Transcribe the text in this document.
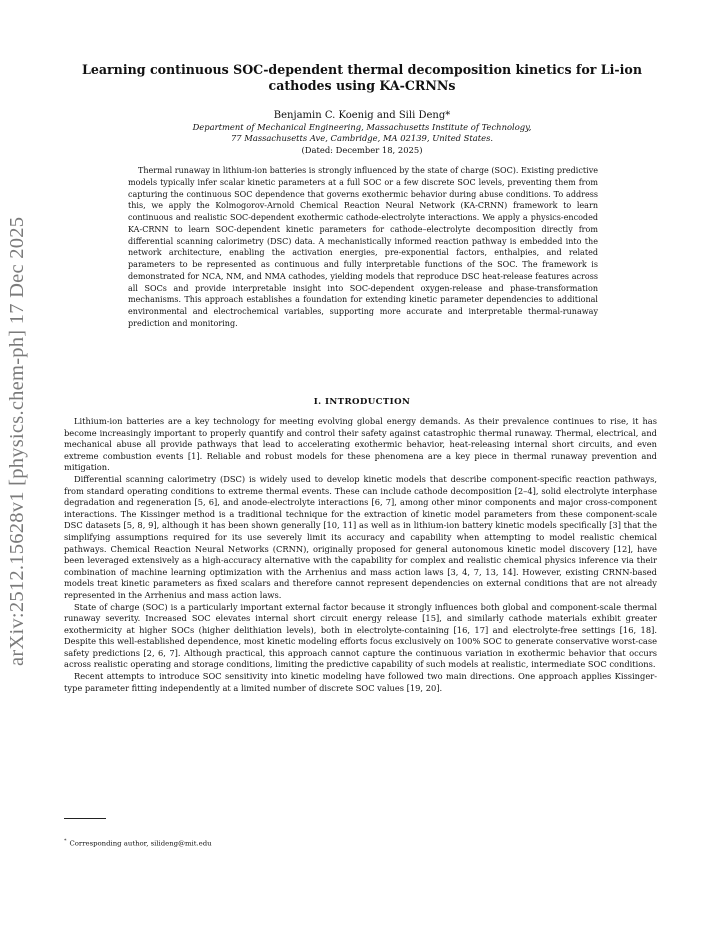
arXiv:2512.15628v1 [physics.chem-ph] 17 Dec 2025
Learning continuous SOC-dependent thermal decomposition kinetics for Li-ion
cathodes using KA-CRNNs
Benjamin C. Koenig and Sili Deng*
Department of Mechanical Engineering, Massachusetts Institute of Technology,
77 Massachusetts Ave, Cambridge, MA 02139, United States.
(Dated: December 18, 2025)
Thermal runaway in lithium-ion batteries is strongly influenced by the state of charge (SOC). Existing predictive models typically infer scalar kinetic parameters at a full SOC or a few discrete SOC levels, preventing them from capturing the continuous SOC dependence that governs exothermic behavior during abuse conditions. To address this, we apply the Kolmogorov-Arnold Chemical Reaction Neural Network (KA-CRNN) framework to learn continuous and realistic SOC-dependent exothermic cathode-electrolyte interactions. We apply a physics-encoded KA-CRNN to learn SOC-dependent kinetic parameters for cathode–electrolyte decomposition directly from differential scanning calorimetry (DSC) data. A mechanistically informed reaction pathway is embedded into the network architecture, enabling the activation energies, pre-exponential factors, enthalpies, and related parameters to be represented as continuous and fully interpretable functions of the SOC. The framework is demonstrated for NCA, NM, and NMA cathodes, yielding models that reproduce DSC heat-release features across all SOCs and provide interpretable insight into SOC-dependent oxygen-release and phase-transformation mechanisms. This approach establishes a foundation for extending kinetic parameter dependencies to additional environmental and electrochemical variables, supporting more accurate and interpretable thermal-runaway prediction and monitoring.
I. INTRODUCTION

Lithium-ion batteries are a key technology for meeting evolving global energy demands. As their prevalence continues to rise, it has become increasingly important to properly quantify and control their safety against catastrophic thermal runaway. Thermal, electrical, and mechanical abuse all provide pathways that lead to accelerating exothermic behavior, heat-releasing internal short circuits, and even extreme combustion events [1]. Reliable and robust models for these phenomena are a key piece in thermal runaway prevention and mitigation.

Differential scanning calorimetry (DSC) is widely used to develop kinetic models that describe component-specific reaction pathways, from standard operating conditions to extreme thermal events. These can include cathode decomposition [2–4], solid electrolyte interphase degradation and regeneration [5, 6], and anode-electrolyte interactions [6, 7], among other minor components and major cross-component interactions. The Kissinger method is a traditional technique for the extraction of kinetic model parameters from these component-scale DSC datasets [5, 8, 9], although it has been shown generally [10, 11] as well as in lithium-ion battery kinetic models specifically [3] that the simplifying assumptions required for its use severely limit its accuracy and capability when attempting to model realistic chemical pathways. Chemical Reaction Neural Networks (CRNN), originally proposed for general autonomous kinetic model discovery [12], have been leveraged extensively as a high-accuracy alternative with the capability for complex and realistic chemical physics inference via their combination of machine learning optimization with the Arrhenius and mass action laws [3, 4, 7, 13, 14]. However, existing CRNN-based models treat kinetic parameters as fixed scalars and therefore cannot represent dependencies on external conditions that are not already represented in the Arrhenius and mass action laws.

State of charge (SOC) is a particularly important external factor because it strongly influences both global and component-scale thermal runaway severity. Increased SOC elevates internal short circuit energy release [15], and similarly cathode materials exhibit greater exothermicity at higher SOCs (higher delithiation levels), both in electrolyte-containing [16, 17] and electrolyte-free settings [16, 18]. Despite this well-established dependence, most kinetic modeling efforts focus exclusively on 100% SOC to generate conservative worst-case safety predictions [2, 6, 7]. Although practical, this approach cannot capture the continuous variation in exothermic behavior that occurs across realistic operating and storage conditions, limiting the predictive capability of such models at realistic, intermediate SOC conditions.

Recent attempts to introduce SOC sensitivity into kinetic modeling have followed two main directions. One approach applies Kissinger-type parameter fitting independently at a limited number of discrete SOC values [19, 20].

* Corresponding author, silideng@mit.edu
